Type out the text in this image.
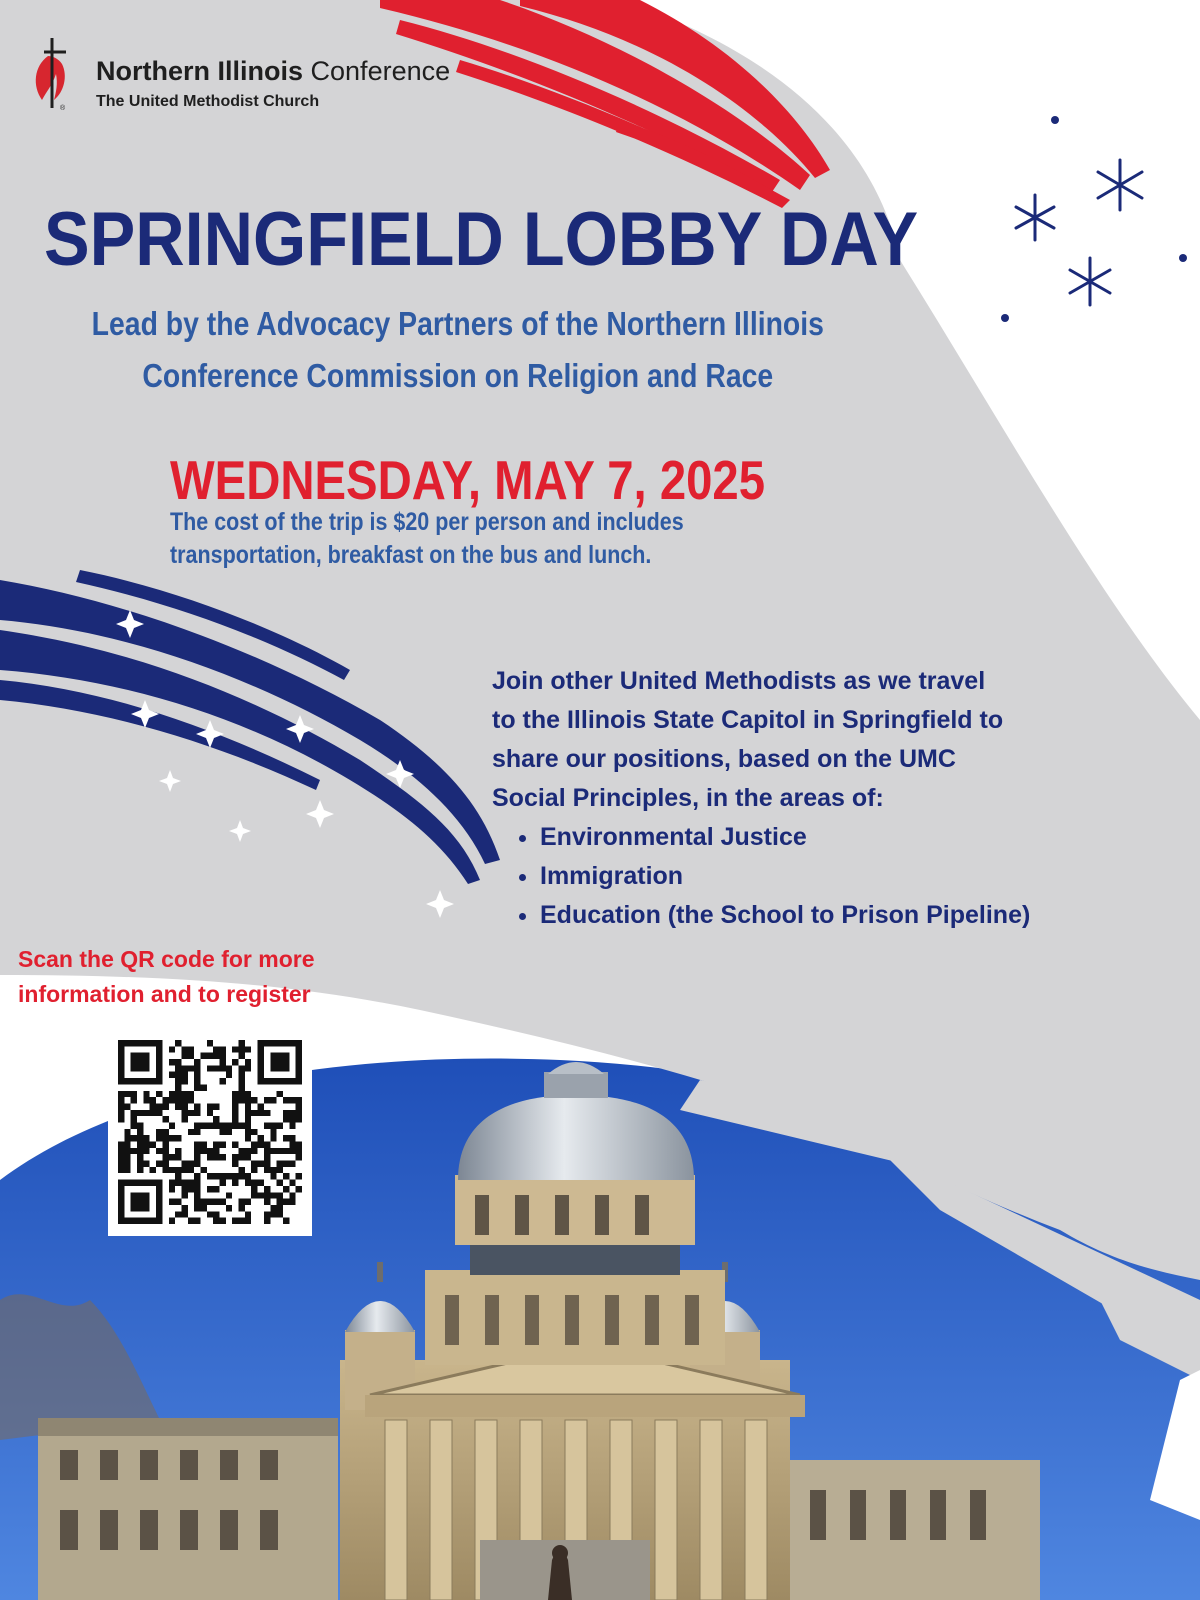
®
Northern Illinois Conference
The United Methodist Church
SPRINGFIELD LOBBY DAY
Lead by the Advocacy Partners of the Northern Illinois
Conference Commission on Religion and Race
WEDNESDAY, MAY 7, 2025
The cost of the trip is $20 per person and includes
transportation, breakfast on the bus and lunch.
Join other United Methodists as we travel
to the Illinois State Capitol in Springfield to
share our positions, based on the UMC
Social Principles, in the areas of:
• Environmental Justice
• Immigration
• Education (the School to Prison Pipeline)
Scan the QR code for more
information and to register
